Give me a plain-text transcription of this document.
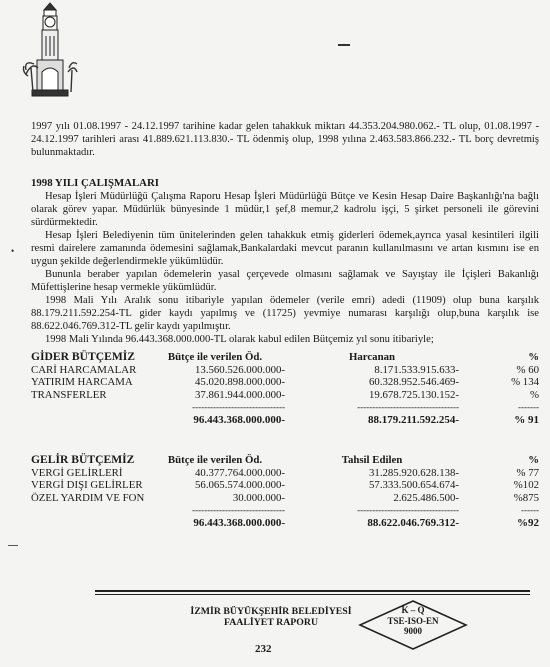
1997 yılı 01.08.1997 - 24.12.1997 tarihine kadar gelen tahakkuk miktarı 44.353.204.980.062.- TL olup, 01.08.1997 - 24.12.1997 tarihleri arası 41.889.621.113.830.- TL ödenmiş olup, 1998 yılına 2.463.583.866.232.- TL borç devretmiş bulunmaktadır.

1998 YILI ÇALIŞMALARI

Hesap İşleri Müdürlüğü Çalışma Raporu Hesap İşleri Müdürlüğü Bütçe ve Kesin Hesap Daire Başkanlığı'na bağlı olarak görev yapar. Müdürlük bünyesinde 1 müdür,1 şef,8 memur,2 kadrolu işçi, 5 şirket personeli ile görevini sürdürmektedir.

Hesap İşleri Belediyenin tüm ünitelerinden gelen tahakkuk etmiş giderleri ödemek,ayrıca yasal kesintileri ilgili resmi dairelere zamanında ödemesini sağlamak,Bankalardaki mevcut paranın kullanılmasını ve artan kısmını ise en uygun şekilde değerlendirmekle yükümlüdür.

Bununla beraber yapılan ödemelerin yasal çerçevede olmasını sağlamak ve Sayıştay ile İçişleri Bakanlığı Müfettişlerine hesap vermekle yükümlüdür.

1998 Mali Yılı Aralık sonu itibariyle yapılan ödemeler (verile emri) adedi (11909) olup buna karşılık 88.179.211.592.254-TL gider kaydı yapılmış ve (11725) yevmiye numarası karşılığı olup,buna karşılık ise 88.622.046.769.312-TL gelir kaydı yapılmıştır.

1998 Mali Yılında 96.443.368.000.000-TL olarak kabul edilen Bütçemiz yıl sonu itibariyle;

•
GİDER BÜTÇEMİZ	Bütçe ile verilen Öd.	Harcanan	%
CARİ HARCAMALAR	13.560.526.000.000-	8.171.533.915.633-	% 60
YATIRIM HARCAMA	45.020.898.000.000-	60.328.952.546.469-	% 134
TRANSFERLER	37.861.944.000.000-	19.678.725.130.152-	%
	-------------------------------	----------------------------------	-------
	96.443.368.000.000-	88.179.211.592.254-	% 91
GELİR BÜTÇEMİZ	Bütçe ile verilen Öd.	Tahsil Edilen	%
VERGİ GELİRLERİ	40.377.764.000.000-	31.285.920.628.138-	% 77
VERGİ DIŞI GELİRLER	56.065.574.000.000-	57.333.500.654.674-	%102
ÖZEL YARDIM VE FON	30.000.000-	2.625.486.500-	%875
	-------------------------------	----------------------------------	------
	96.443.368.000.000-	88.622.046.769.312-	%92
İZMİR BÜYÜKŞEHİR BELEDİYESİ
FAALİYET RAPORU
K – Q
TSE-ISO-EN
9000
232
